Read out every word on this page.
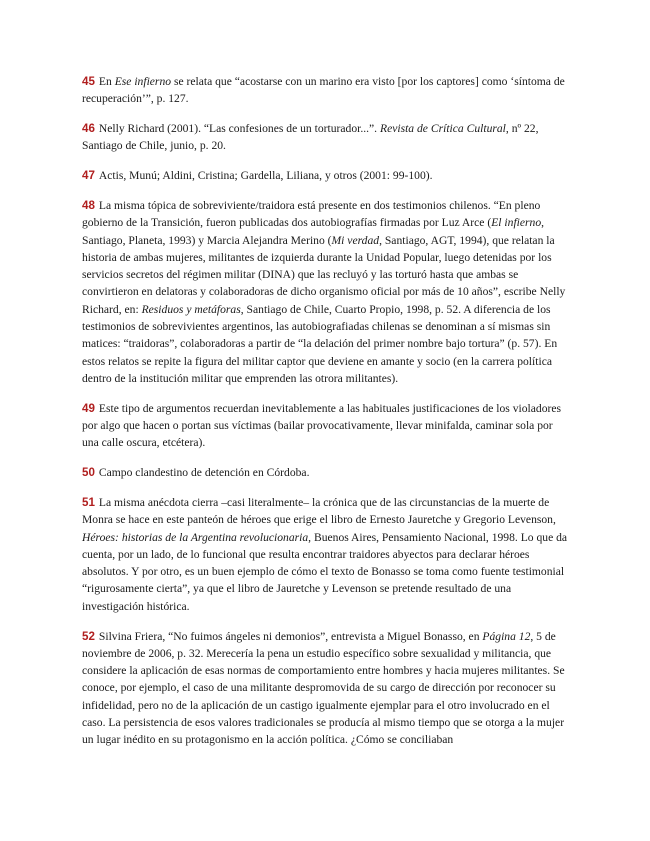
45 En Ese infierno se relata que “acostarse con un marino era visto [por los captores] como ‘síntoma de recuperación’”, p. 127.

46 Nelly Richard (2001). “Las confesiones de un torturador...”. Revista de Crítica Cultural, nº 22, Santiago de Chile, junio, p. 20.

47 Actis, Munú; Aldini, Cristina; Gardella, Liliana, y otros (2001: 99-100).

48 La misma tópica de sobreviviente/traidora está presente en dos testimonios chilenos. “En pleno gobierno de la Transición, fueron publicadas dos autobiografías firmadas por Luz Arce (El infierno, Santiago, Planeta, 1993) y Marcia Alejandra Merino (Mi verdad, Santiago, AGT, 1994), que relatan la historia de ambas mujeres, militantes de izquierda durante la Unidad Popular, luego detenidas por los servicios secretos del régimen militar (DINA) que las recluyó y las torturó hasta que ambas se convirtieron en delatoras y colaboradoras de dicho organismo oficial por más de 10 años”, escribe Nelly Richard, en: Residuos y metáforas, Santiago de Chile, Cuarto Propio, 1998, p. 52. A diferencia de los testimonios de sobrevivientes argentinos, las autobiografiadas chilenas se denominan a sí mismas sin matices: “traidoras”, colaboradoras a partir de “la delación del primer nombre bajo tortura” (p. 57). En estos relatos se repite la figura del militar captor que deviene en amante y socio (en la carrera política dentro de la institución militar que emprenden las otrora militantes).

49 Este tipo de argumentos recuerdan inevitablemente a las habituales justificaciones de los violadores por algo que hacen o portan sus víctimas (bailar provocativamente, llevar minifalda, caminar sola por una calle oscura, etcétera).

50 Campo clandestino de detención en Córdoba.

51 La misma anécdota cierra –casi literalmente– la crónica que de las circunstancias de la muerte de Monra se hace en este panteón de héroes que erige el libro de Ernesto Jauretche y Gregorio Levenson, Héroes: historias de la Argentina revolucionaria, Buenos Aires, Pensamiento Nacional, 1998. Lo que da cuenta, por un lado, de lo funcional que resulta encontrar traidores abyectos para declarar héroes absolutos. Y por otro, es un buen ejemplo de cómo el texto de Bonasso se toma como fuente testimonial “rigurosamente cierta”, ya que el libro de Jauretche y Levenson se pretende resultado de una investigación histórica.

52 Silvina Friera, “No fuimos ángeles ni demonios”, entrevista a Miguel Bonasso, en Página 12, 5 de noviembre de 2006, p. 32. Merecería la pena un estudio específico sobre sexualidad y militancia, que considere la aplicación de esas normas de comportamiento entre hombres y hacia mujeres militantes. Se conoce, por ejemplo, el caso de una militante despromovida de su cargo de dirección por reconocer su infidelidad, pero no de la aplicación de un castigo igualmente ejemplar para el otro involucrado en el caso. La persistencia de esos valores tradicionales se producía al mismo tiempo que se otorga a la mujer un lugar inédito en su protagonismo en la acción política. ¿Cómo se conciliaban
